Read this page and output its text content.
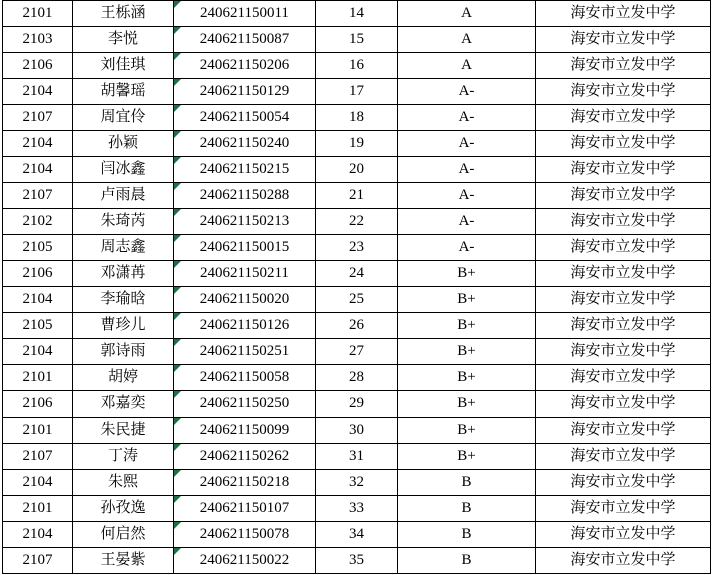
2101	王栎涵	240621150011	14	A	海安市立发中学
2103	李悦	240621150087	15	A	海安市立发中学
2106	刘佳琪	240621150206	16	A	海安市立发中学
2104	胡馨瑶	240621150129	17	A-	海安市立发中学
2107	周宜伶	240621150054	18	A-	海安市立发中学
2104	孙颖	240621150240	19	A-	海安市立发中学
2104	闫冰鑫	240621150215	20	A-	海安市立发中学
2107	卢雨晨	240621150288	21	A-	海安市立发中学
2102	朱琦芮	240621150213	22	A-	海安市立发中学
2105	周志鑫	240621150015	23	A-	海安市立发中学
2106	邓潇苒	240621150211	24	B+	海安市立发中学
2104	李瑜晗	240621150020	25	B+	海安市立发中学
2105	曹珍儿	240621150126	26	B+	海安市立发中学
2104	郭诗雨	240621150251	27	B+	海安市立发中学
2101	胡婷	240621150058	28	B+	海安市立发中学
2106	邓嘉奕	240621150250	29	B+	海安市立发中学
2101	朱民捷	240621150099	30	B+	海安市立发中学
2107	丁涛	240621150262	31	B+	海安市立发中学
2104	朱熙	240621150218	32	B	海安市立发中学
2101	孙孜逸	240621150107	33	B	海安市立发中学
2104	何启然	240621150078	34	B	海安市立发中学
2107	王晏紫	240621150022	35	B	海安市立发中学
